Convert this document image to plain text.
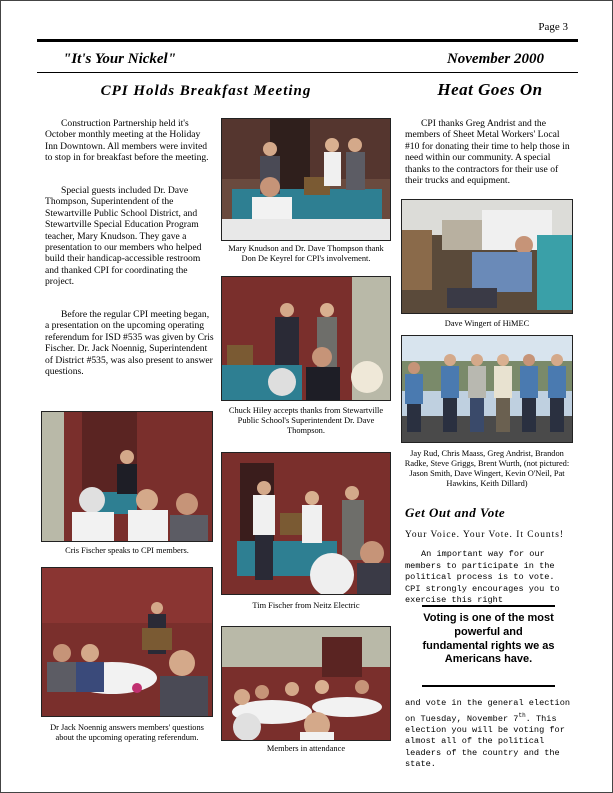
Page 3
"It's Your Nickel"	November 2000
CPI Holds Breakfast Meeting
Construction Partnership held it's October monthly meeting at the Holiday Inn Downtown. All members were invited to stop in for breakfast before the meeting.
Special guests included Dr. Dave Thompson, Superintendent of the Stewartville Public School District, and Stewartville Special Education Program teacher, Mary Knudson. They gave a presentation to our members who helped build their handicap-accessible restroom and thanked CPI for coordinating the project.
Before the regular CPI meeting began, a presentation on the upcoming operating referendum for ISD #535 was given by Cris Fischer. Dr. Jack Noennig, Superintendent of District #535, was also present to answer questions.
Mary Knudson and Dr. Dave Thompson thank Don De Keyrel for CPI's involvement.
Chuck Hiley accepts thanks from Stewartville Public School's Superintendent Dr. Dave Thompson.
Cris Fischer speaks to CPI members.
Tim Fischer from Neitz Electric
Dr Jack Noennig answers members' questions about the upcoming operating referendum.
Members in attendance
Heat Goes On
CPI thanks Greg Andrist and the members of Sheet Metal Workers' Local #10 for donating their time to help those in need within our community. A special thanks to the contractors for their use of their trucks and equipment.
Dave Wingert of HiMEC
Jay Rud, Chris Maass, Greg Andrist, Brandon Radke, Steve Griggs, Brent Wurth, (not pictured: Jason Smith, Dave Wingert, Kevin O'Neil, Pat Hawkins, Keith Dillard)
Get Out and Vote
Your Voice. Your Vote. It Counts!
An important way for our members to participate in the political process is to vote. CPI strongly encourages you to exercise this right
Voting is one of the most powerful and fundamental rights we as Americans have.
and vote in the general election on Tuesday, November 7th. This election you will be voting for almost all of the political leaders of the country and the state.
